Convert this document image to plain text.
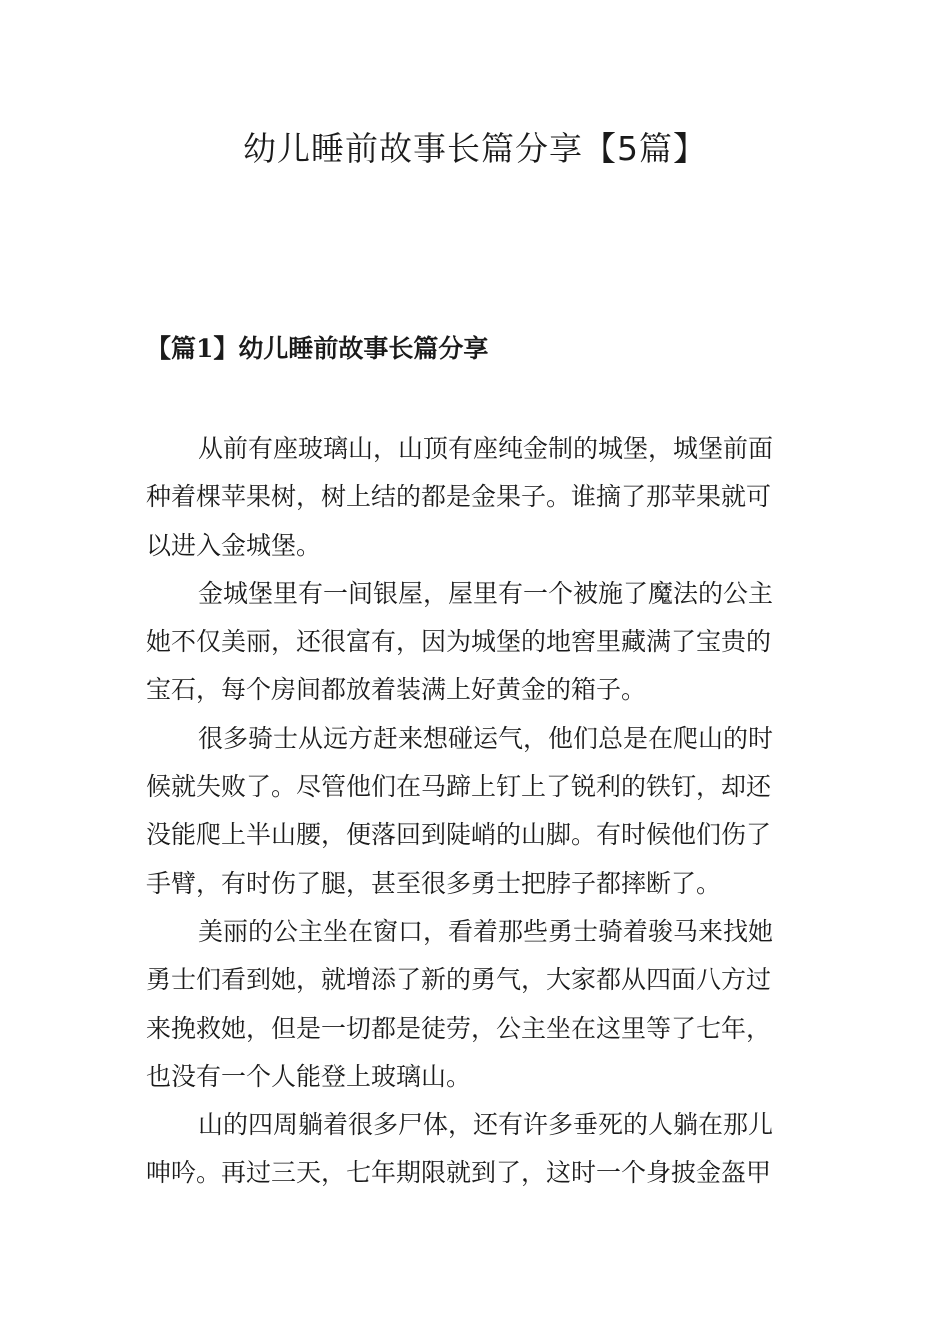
幼儿睡前故事长篇分享【5篇】
【篇1】幼儿睡前故事长篇分享

从前有座玻璃山，山顶有座纯金制的城堡，城堡前面
种着棵苹果树，树上结的都是金果子。谁摘了那苹果就可
以进入金城堡。

金城堡里有一间银屋，屋里有一个被施了魔法的公主
她不仅美丽，还很富有，因为城堡的地窖里藏满了宝贵的
宝石，每个房间都放着装满上好黄金的箱子。

很多骑士从远方赶来想碰运气，他们总是在爬山的时
候就失败了。尽管他们在马蹄上钉上了锐利的铁钉，却还
没能爬上半山腰，便落回到陡峭的山脚。有时候他们伤了
手臂，有时伤了腿，甚至很多勇士把脖子都摔断了。

美丽的公主坐在窗口，看着那些勇士骑着骏马来找她
勇士们看到她，就增添了新的勇气，大家都从四面八方过
来挽救她，但是一切都是徒劳，公主坐在这里等了七年，
也没有一个人能登上玻璃山。

山的四周躺着很多尸体，还有许多垂死的人躺在那儿
呻吟。再过三天，七年期限就到了，这时一个身披金盔甲
